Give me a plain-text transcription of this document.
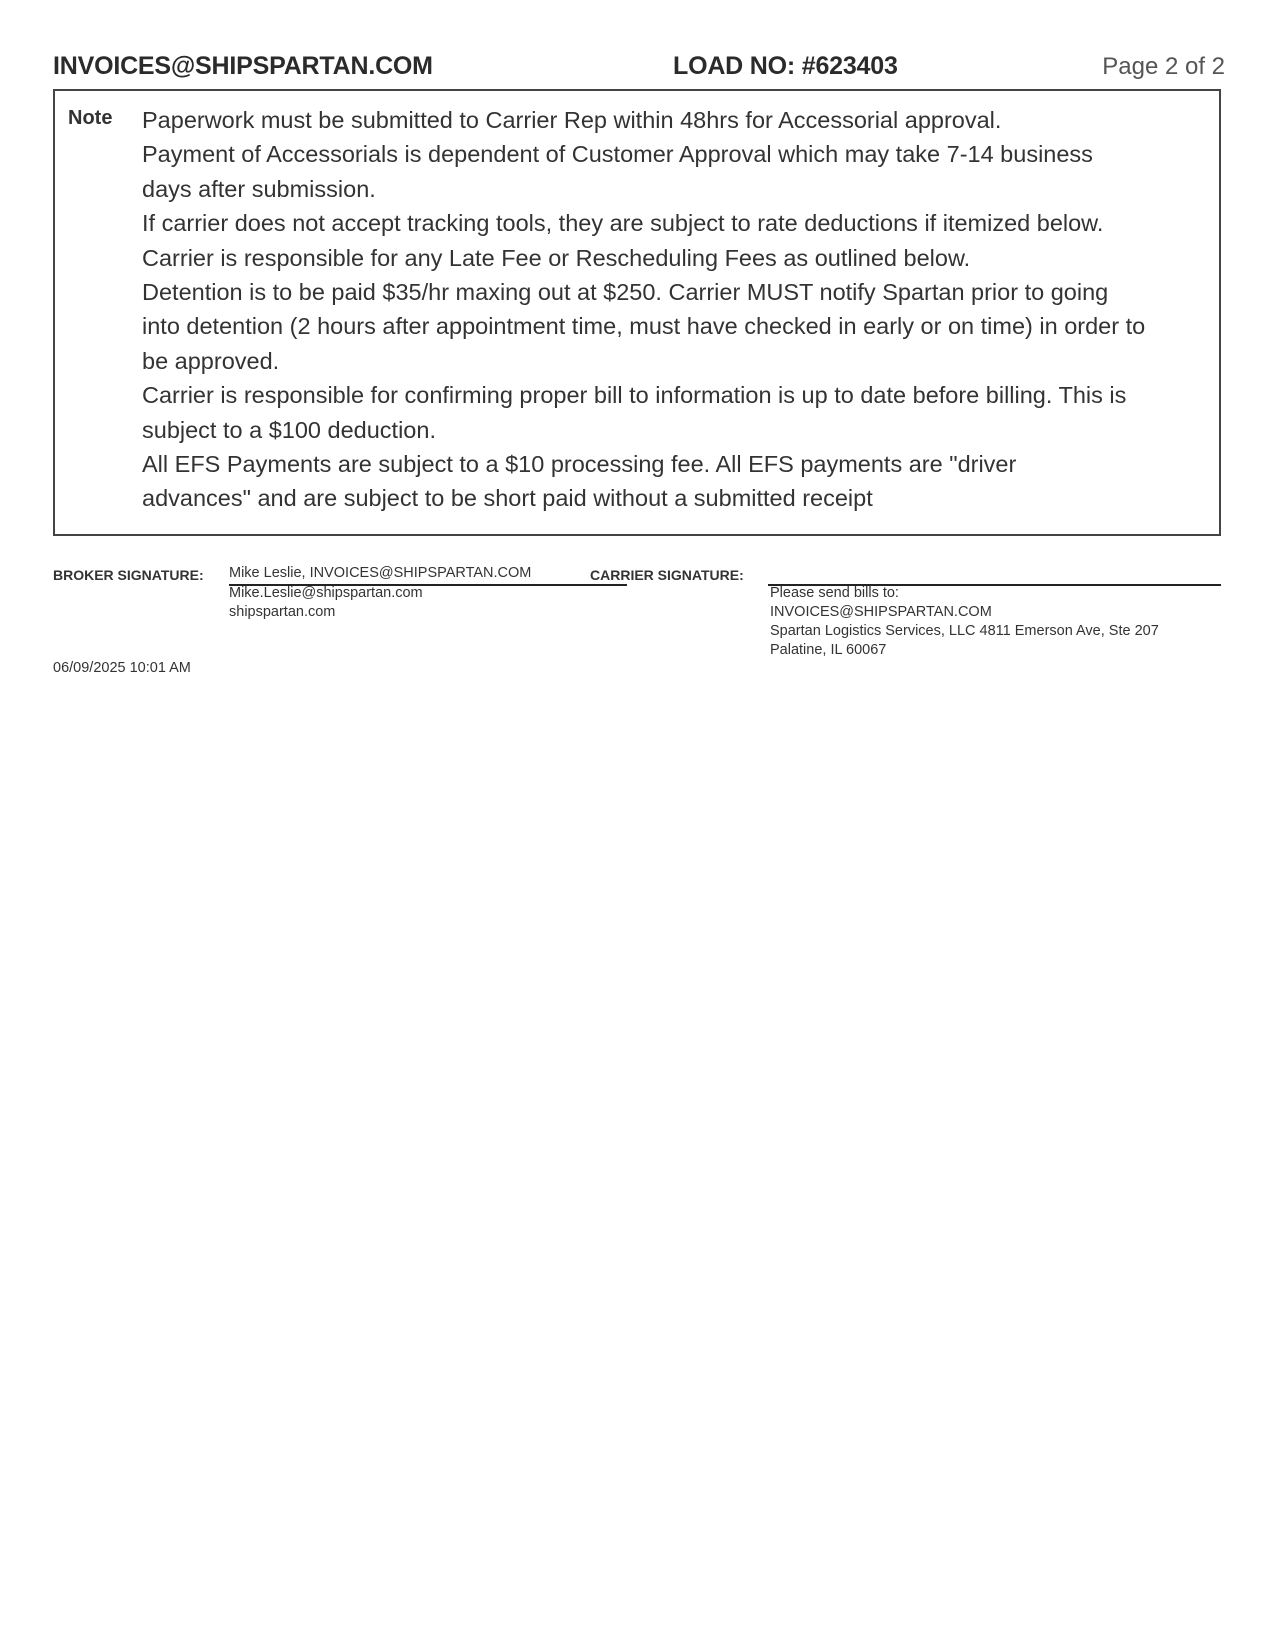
INVOICES@SHIPSPARTAN.COM	LOAD NO: #623403	Page 2 of 2
Note Paperwork must be submitted to Carrier Rep within 48hrs for Accessorial approval.
Payment of Accessorials is dependent of Customer Approval which may take 7-14 business
days after submission.
If carrier does not accept tracking tools, they are subject to rate deductions if itemized below.
Carrier is responsible for any Late Fee or Rescheduling Fees as outlined below.
Detention is to be paid $35/hr maxing out at $250. Carrier MUST notify Spartan prior to going
into detention (2 hours after appointment time, must have checked in early or on time) in order to
be approved.
Carrier is responsible for confirming proper bill to information is up to date before billing. This is
subject to a $100 deduction.
All EFS Payments are subject to a $10 processing fee. All EFS payments are "driver
advances" and are subject to be short paid without a submitted receipt
BROKER SIGNATURE: Mike Leslie, INVOICES@SHIPSPARTAN.COM
Mike.Leslie@shipspartan.com
shipspartan.com
CARRIER SIGNATURE:
Please send bills to:
INVOICES@SHIPSPARTAN.COM
Spartan Logistics Services, LLC 4811 Emerson Ave, Ste 207
Palatine, IL 60067
06/09/2025 10:01 AM
